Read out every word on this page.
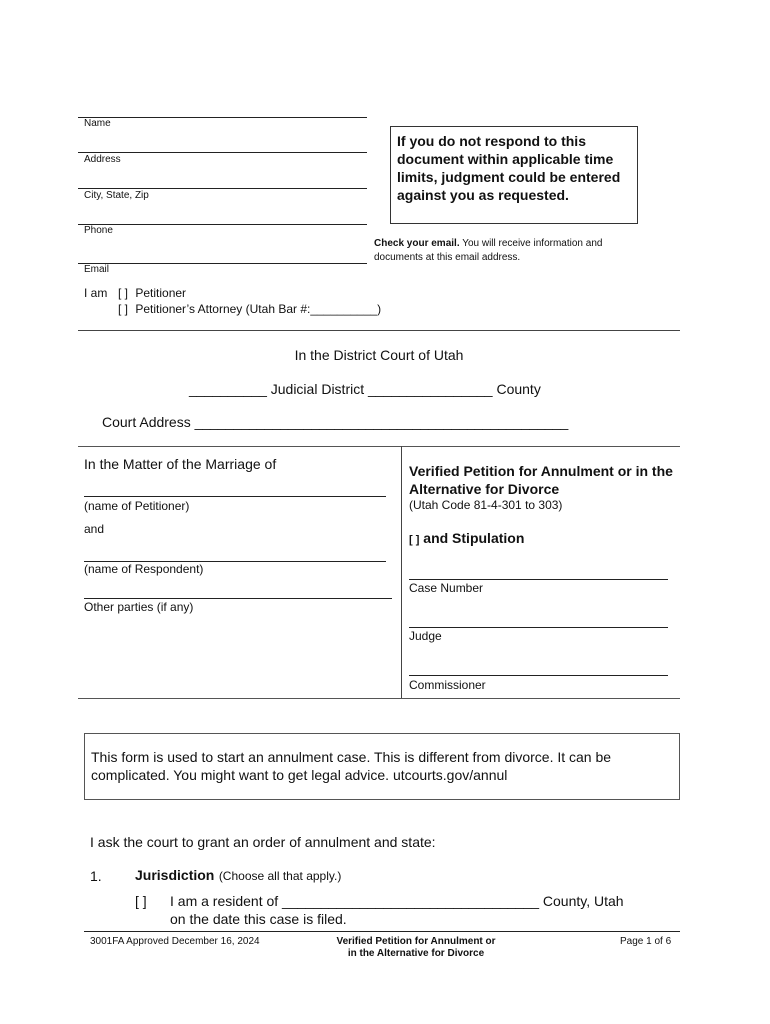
Name
Address
City, State, Zip
Phone
Email
If you do not respond to this document within applicable time limits, judgment could be entered against you as requested.
Check your email. You will receive information and documents at this email address.
I am [ ] Petitioner
[ ] Petitioner’s Attorney (Utah Bar #:__________)
In the District Court of Utah
__________ Judicial District ________________ County
Court Address ________________________________________________
In the Matter of the Marriage of
(name of Petitioner)
and
(name of Respondent)
Other parties (if any)
Verified Petition for Annulment or in the Alternative for Divorce
(Utah Code 81-4-301 to 303)
[ ] and Stipulation
Case Number
Judge
Commissioner
This form is used to start an annulment case. This is different from divorce. It can be complicated. You might want to get legal advice. utcourts.gov/annul
I ask the court to grant an order of annulment and state:
1. Jurisdiction (Choose all that apply.)
[ ] I am a resident of _________________________________ County, Utah
on the date this case is filed.
3001FA Approved December 16, 2024	Verified Petition for Annulment or
in the Alternative for Divorce
Page 1 of 6
